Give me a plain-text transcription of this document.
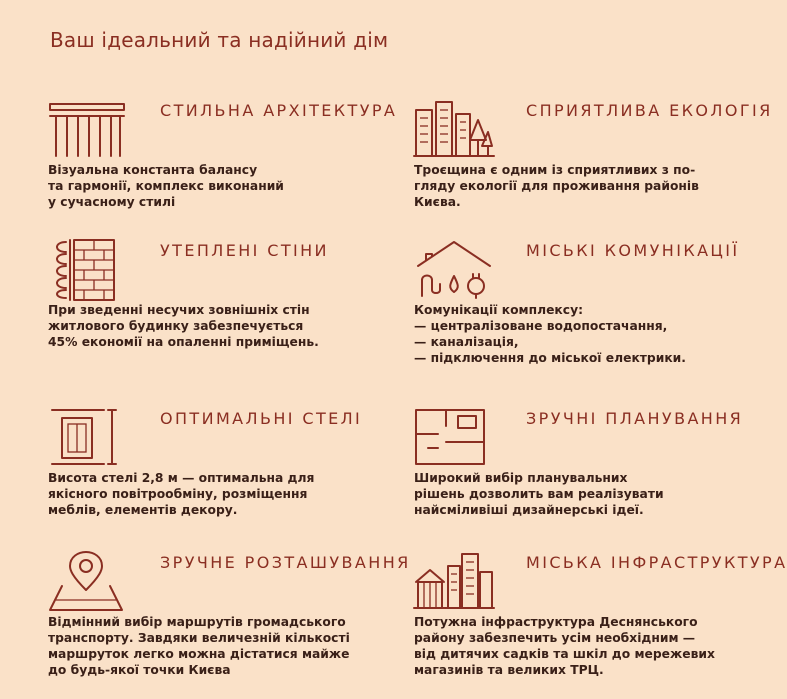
Ваш ідеальний та надійний дім
СТИЛЬНА АРХІТЕКТУРА
Візуальна константа балансу
та гармонії, комплекс виконаний
у сучасному стилі
СПРИЯТЛИВА ЕКОЛОГІЯ
Троєщина є одним із сприятливих з по-
гляду екології для проживання районів
Києва.
УТЕПЛЕНІ СТІНИ
При зведенні несучих зовнішніх стін
житлового будинку забезпечується
45% економії на опаленні приміщень.
МІСЬКІ КОМУНІКАЦІЇ
Комунікації комплексу:
— централізоване водопостачання,
— каналізація,
— підключення до міської електрики.
ОПТИМАЛЬНІ СТЕЛІ
Висота стелі 2,8 м — оптимальна для
якісного повітрообміну, розміщення
меблів, елементів декору.
ЗРУЧНІ ПЛАНУВАННЯ
Широкий вибір планувальних
рішень дозволить вам реалізувати
найсміливіші дизайнерські ідеї.
ЗРУЧНЕ РОЗТАШУВАННЯ
Відмінний вибір маршрутів громадського
транспорту. Завдяки величезній кількості
маршруток легко можна дістатися майже
до будь-якої точки Києва
МІСЬКА ІНФРАСТРУКТУРА
Потужна інфраструктура Деснянського
району забезпечить усім необхідним —
від дитячих садків та шкіл до мережевих
магазинів та великих ТРЦ.
